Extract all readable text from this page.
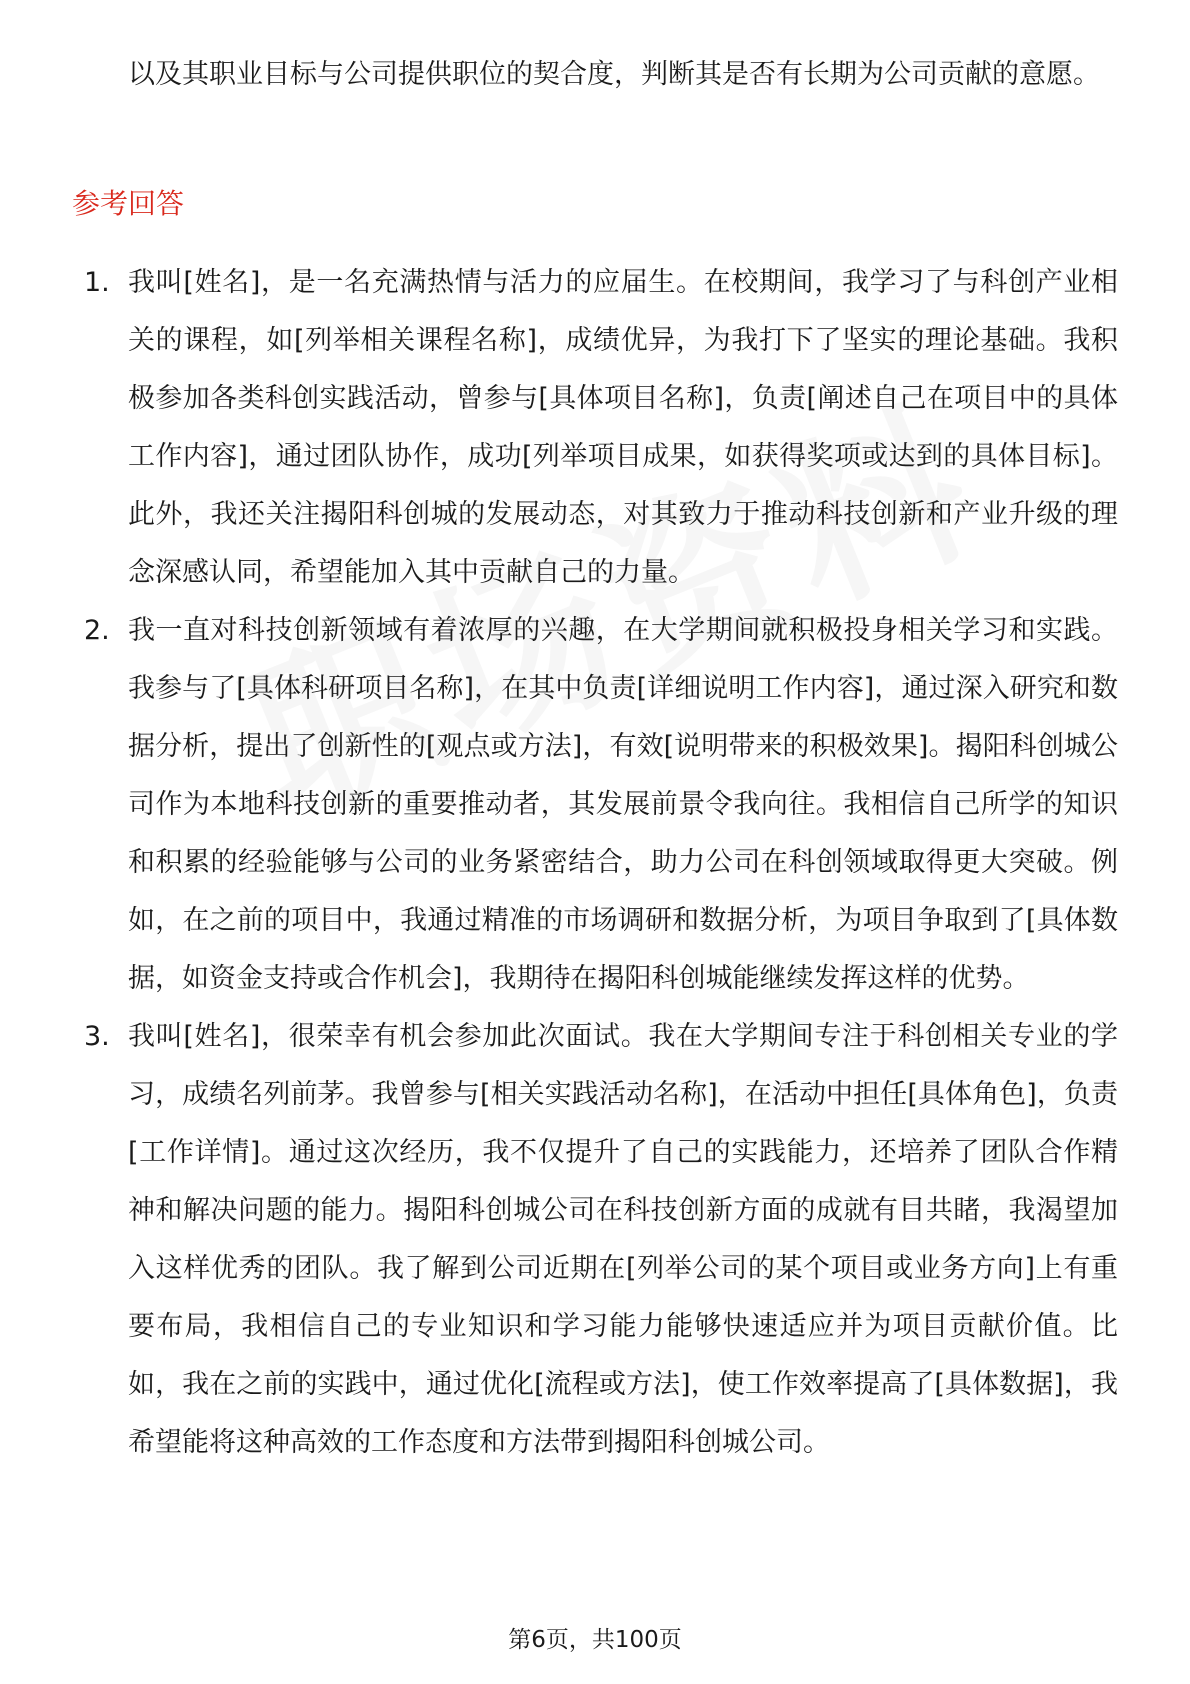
以及其职业目标与公司提供职位的契合度，判断其是否有长期为公司贡献的意愿。

参考回答
1. 我叫[姓名]，是一名充满热情与活力的应届生。在校期间，我学习了与科创产业相关的课程，如[列举相关课程名称]，成绩优异，为我打下了坚实的理论基础。我积极参加各类科创实践活动，曾参与[具体项目名称]，负责[阐述自己在项目中的具体工作内容]，通过团队协作，成功[列举项目成果，如获得奖项或达到的具体目标]。此外，我还关注揭阳科创城的发展动态，对其致力于推动科技创新和产业升级的理念深感认同，希望能加入其中贡献自己的力量。
2. 我一直对科技创新领域有着浓厚的兴趣，在大学期间就积极投身相关学习和实践。我参与了[具体科研项目名称]，在其中负责[详细说明工作内容]，通过深入研究和数据分析，提出了创新性的[观点或方法]，有效[说明带来的积极效果]。揭阳科创城公司作为本地科技创新的重要推动者，其发展前景令我向往。我相信自己所学的知识和积累的经验能够与公司的业务紧密结合，助力公司在科创领域取得更大突破。例如，在之前的项目中，我通过精准的市场调研和数据分析，为项目争取到了[具体数据，如资金支持或合作机会]，我期待在揭阳科创城能继续发挥这样的优势。
3. 我叫[姓名]，很荣幸有机会参加此次面试。我在大学期间专注于科创相关专业的学习，成绩名列前茅。我曾参与[相关实践活动名称]，在活动中担任[具体角色]，负责[工作详情]。通过这次经历，我不仅提升了自己的实践能力，还培养了团队合作精神和解决问题的能力。揭阳科创城公司在科技创新方面的成就有目共睹，我渴望加入这样优秀的团队。我了解到公司近期在[列举公司的某个项目或业务方向]上有重要布局，我相信自己的专业知识和学习能力能够快速适应并为项目贡献价值。比如，我在之前的实践中，通过优化[流程或方法]，使工作效率提高了[具体数据]，我希望能将这种高效的工作态度和方法带到揭阳科创城公司。
第6页，共100页
